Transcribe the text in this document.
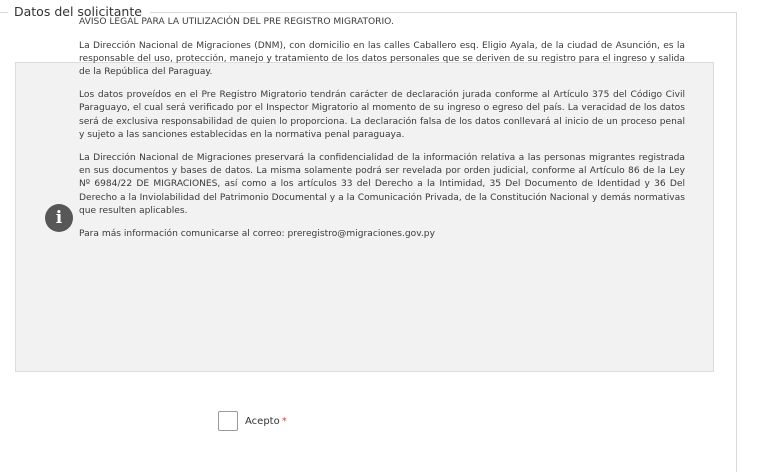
Datos del solicitante
i

AVISO LEGAL PARA LA UTILIZACIÓN DEL PRE REGISTRO MIGRATORIO.

La Dirección Nacional de Migraciones (DNM), con domicilio en las calles Caballero esq. Eligio Ayala, de la ciudad de Asunción, es la responsable del uso, protección, manejo y tratamiento de los datos personales que se deriven de su registro para el ingreso y salida de la República del Paraguay.

Los datos proveídos en el Pre Registro Migratorio tendrán carácter de declaración jurada conforme al Artículo 375 del Código Civil Paraguayo, el cual será verificado por el Inspector Migratorio al momento de su ingreso o egreso del país. La veracidad de los datos será de exclusiva responsabilidad de quien lo proporciona. La declaración falsa de los datos conllevará al inicio de un proceso penal y sujeto a las sanciones establecidas en la normativa penal paraguaya.

La Dirección Nacional de Migraciones preservará la confidencialidad de la información relativa a las personas migrantes registrada en sus documentos y bases de datos. La misma solamente podrá ser revelada por orden judicial, conforme al Artículo 86 de la Ley Nº 6984/22 DE MIGRACIONES, así como a los artículos 33 del Derecho a la Intimidad, 35 Del Documento de Identidad y 36 Del Derecho a la Inviolabilidad del Patrimonio Documental y a la Comunicación Privada, de la Constitución Nacional y demás normativas que resulten aplicables.

Para más información comunicarse al correo: preregistro@migraciones.gov.py

Acepto *
